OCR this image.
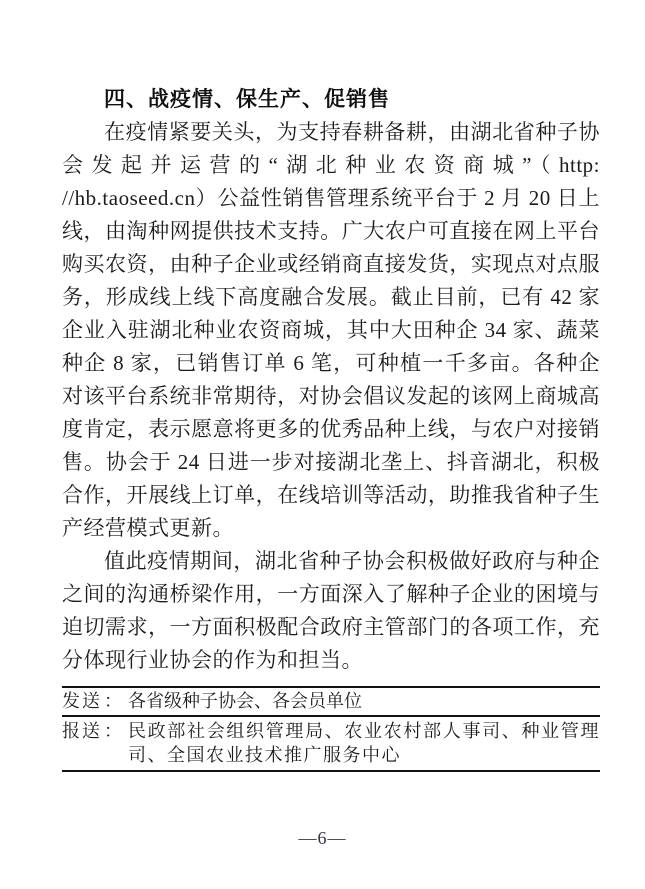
四、战疫情、保生产、促销售

在疫情紧要关头，为支持春耕备耕，由湖北省种子协会发起并运营的“湖北种业农资商城”（http: //hb.taoseed.cn）公益性销售管理系统平台于 2 月 20 日上线，由淘种网提供技术支持。广大农户可直接在网上平台购买农资，由种子企业或经销商直接发货，实现点对点服务，形成线上线下高度融合发展。截止目前，已有 42 家企业入驻湖北种业农资商城，其中大田种企 34 家、蔬菜种企 8 家，已销售订单 6 笔，可种植一千多亩。各种企对该平台系统非常期待，对协会倡议发起的该网上商城高度肯定，表示愿意将更多的优秀品种上线，与农户对接销售。协会于 24 日进一步对接湖北垄上、抖音湖北，积极合作，开展线上订单，在线培训等活动，助推我省种子生产经营模式更新。

值此疫情期间，湖北省种子协会积极做好政府与种企之间的沟通桥梁作用，一方面深入了解种子企业的困境与迫切需求，一方面积极配合政府主管部门的各项工作，充分体现行业协会的作为和担当。

发送 ： 各省级种子协会、各会员单位
报送 ： 民政部社会组织管理局、农业农村部人事司、种业管理司、全国农业技术推广服务中心
—6—
